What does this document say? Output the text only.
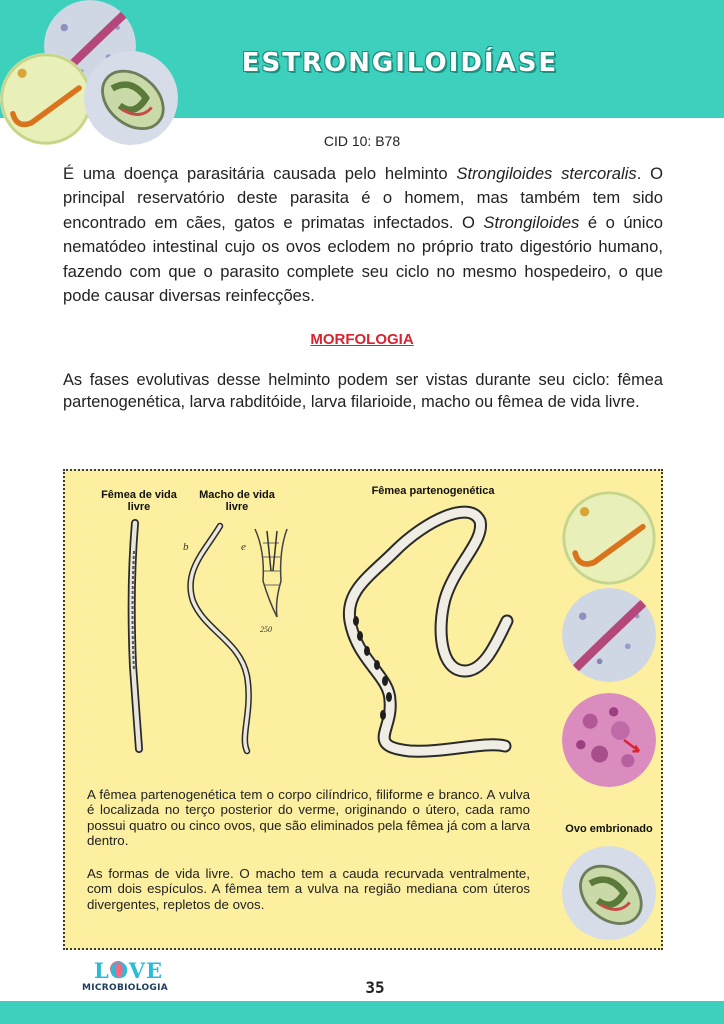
ESTRONGILOIDÍASE
CID 10: B78

É uma doença parasitária causada pelo helminto Strongiloides stercoralis. O principal reservatório deste parasita é o homem, mas também tem sido encontrado em cães, gatos e primatas infectados. O Strongiloides é o único nematódeo intestinal cujo os ovos eclodem no próprio trato digestório humano, fazendo com que o parasito complete seu ciclo no mesmo hospedeiro, o que pode causar diversas reinfecções.

MORFOLOGIA

As fases evolutivas desse helminto podem ser vistas durante seu ciclo: fêmea partenogenética, larva rabditóide, larva filarioide, macho ou fêmea de vida livre.

Fêmea de vida livre
Macho de vida livre
Fêmea partenogenética
b	e
250
Ovo embrionado

A fêmea partenogenética tem o corpo cilíndrico, filiforme e branco. A vulva é localizada no terço posterior do verme, originando o útero, cada ramo possui quatro ou cinco ovos, que são eliminados pela fêmea já com a larva dentro.

As formas de vida livre. O macho tem a cauda recurvada ventralmente, com dois espículos. A fêmea tem a vulva na região mediana com úteros divergentes, repletos de ovos.

LOVE
MICROBIOLOGIA	35
